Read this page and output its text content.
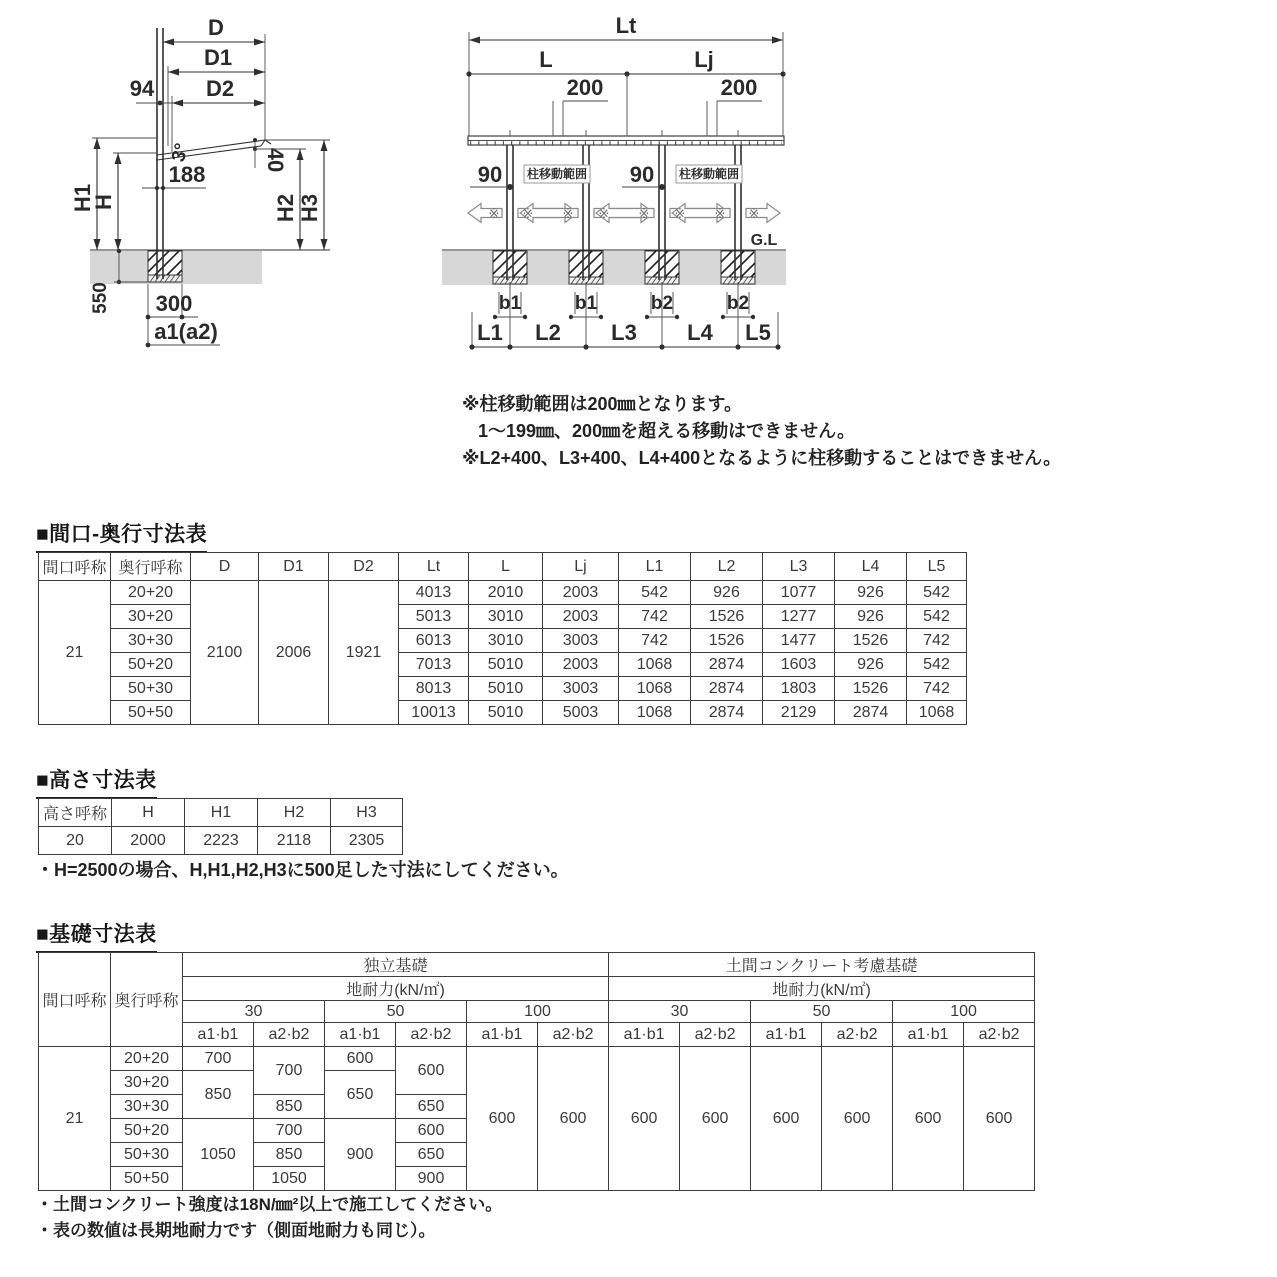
3°
D
D1
D2
94
188
40
H1
H	H2 H3
550 300
a1(a2)
G.L
Lt
L	Lj
200	200
90 柱移動範囲 90 柱移動範囲
※ ※ ※ ※ ※ ※ ※ ※
b1	b1	b2	b2
L1 L2 L3 L4 L5
※柱移動範囲は200㎜となります。
1〜199㎜、200㎜を超える移動はできません。
※L2+400、L3+400、L4+400となるように柱移動することはできません。
■間口-奥行寸法表
間口呼称	奥行呼称	D	D1	D2	Lt	L	Lj	L1	L2	L3	L4	L5
21	20+20	2100	2006	1921	4013	2010	2003	542	926	1077	926	542
	30+20				5013	3010	2003	742	1526	1277	926	542
	30+30				6013	3010	3003	742	1526	1477	1526	742
	50+20				7013	5010	2003	1068	2874	1603	926	542
	50+30				8013	5010	3003	1068	2874	1803	1526	742
	50+50				10013	5010	5003	1068	2874	2129	2874	1068
■高さ寸法表
高さ呼称	H	H1	H2	H3
20	2000	2223	2118	2305
・H=2500の場合、H,H1,H2,H3に500足した寸法にしてください。
■基礎寸法表
間口呼称	奥行呼称	独立基礎						土間コンクリート考慮基礎					
		地耐力(kN/㎡)						地耐力(kN/㎡)					
		30		50		100		30		50		100	
		a1·b1	a2·b2	a1·b1	a2·b2	a1·b1	a2·b2	a1·b1	a2·b2	a1·b1	a2·b2	a1·b1	a2·b2
21	20+20	700	700	600	600	600	600	600	600	600	600	600	600
	30+20	850		650									
	30+30		850		650								
	50+20	1050	700	900	600								
	50+30		850		650								
	50+50		1050		900								
・土間コンクリート強度は18N/㎜²以上で施工してください。
・表の数値は長期地耐力です（側面地耐力も同じ）。
